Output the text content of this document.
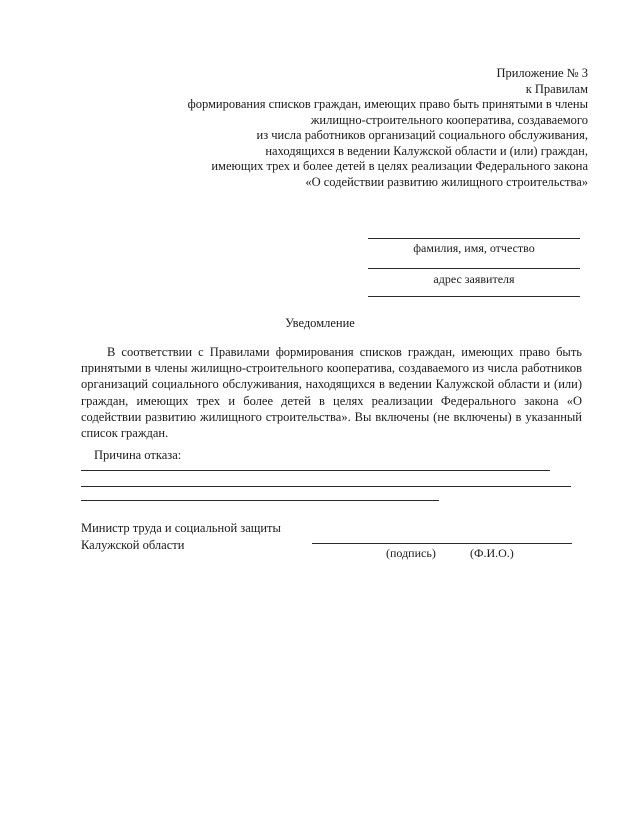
Приложение № 3
к Правилам
формирования списков граждан, имеющих право быть принятыми в члены
жилищно-строительного кооператива, создаваемого
из числа работников организаций социального обслуживания,
находящихся в ведении Калужской области и (или) граждан,
имеющих трех и более детей в целях реализации Федерального закона
«О содействии развитию жилищного строительства»
фамилия, имя, отчество
адрес заявителя
Уведомление
В соответствии с Правилами формирования списков граждан, имеющих право быть принятыми в члены жилищно-строительного кооператива, создаваемого из числа работников организаций социального обслуживания, находящихся в ведении Калужской области и (или) граждан, имеющих трех и более детей в целях реализации Федерального закона «О содействии развитию жилищного строительства». Вы включены (не включены) в указанный список граждан.
Причина отказа:
Министр труда и социальной защиты
Калужской области
(подпись)	(Ф.И.О.)
